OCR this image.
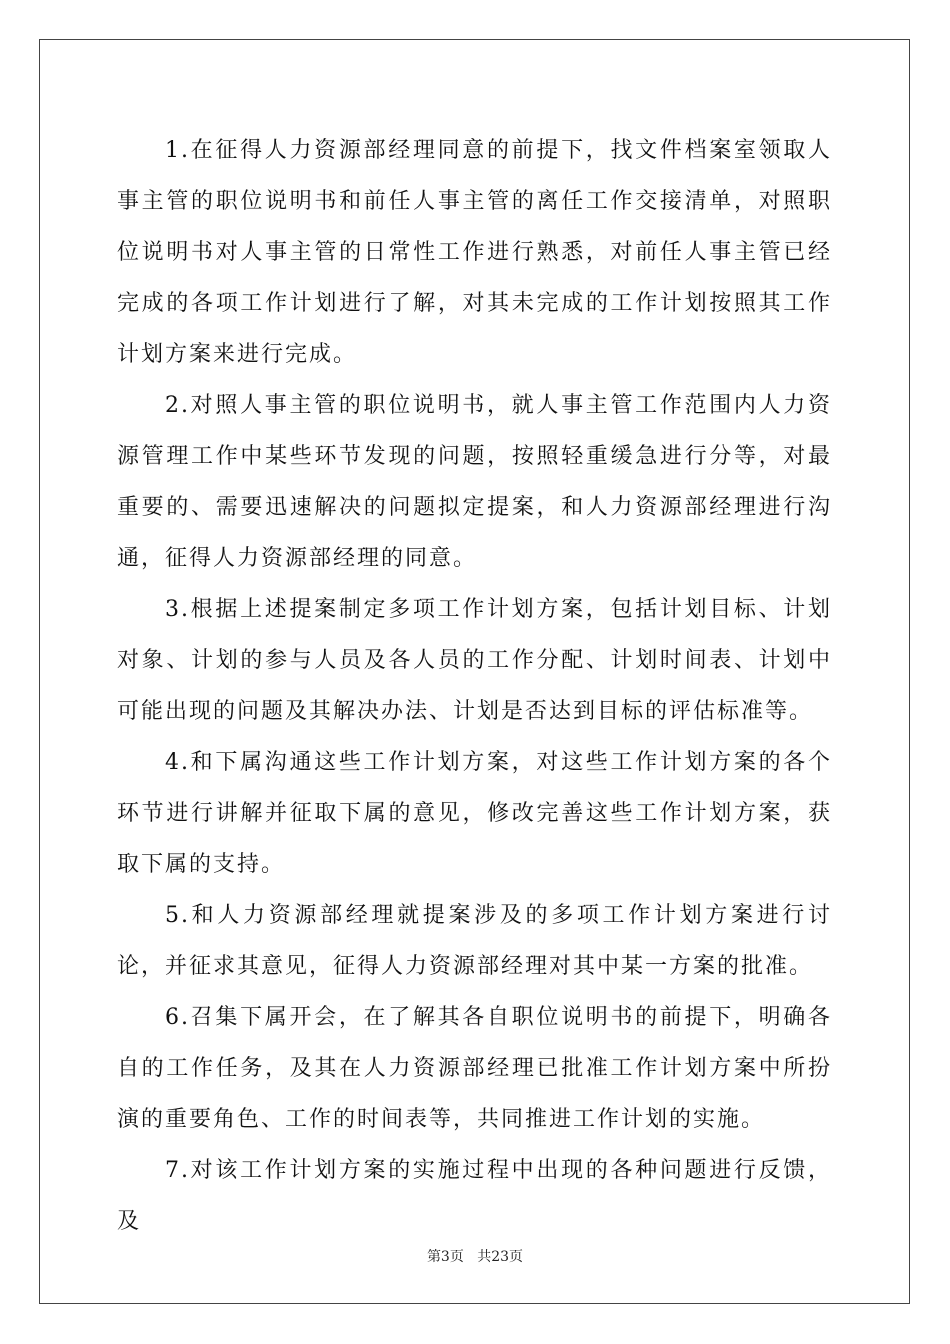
1.在征得人力资源部经理同意的前提下，找文件档案室领取人事主管的职位说明书和前任人事主管的离任工作交接清单，对照职位说明书对人事主管的日常性工作进行熟悉，对前任人事主管已经完成的各项工作计划进行了解，对其未完成的工作计划按照其工作计划方案来进行完成。

2.对照人事主管的职位说明书，就人事主管工作范围内人力资源管理工作中某些环节发现的问题，按照轻重缓急进行分等，对最重要的、需要迅速解决的问题拟定提案，和人力资源部经理进行沟通，征得人力资源部经理的同意。

3.根据上述提案制定多项工作计划方案，包括计划目标、计划对象、计划的参与人员及各人员的工作分配、计划时间表、计划中可能出现的问题及其解决办法、计划是否达到目标的评估标准等。

4.和下属沟通这些工作计划方案，对这些工作计划方案的各个环节进行讲解并征取下属的意见，修改完善这些工作计划方案，获取下属的支持。

5.和人力资源部经理就提案涉及的多项工作计划方案进行讨论，并征求其意见，征得人力资源部经理对其中某一方案的批准。

6.召集下属开会，在了解其各自职位说明书的前提下，明确各自的工作任务，及其在人力资源部经理已批准工作计划方案中所扮演的重要角色、工作的时间表等，共同推进工作计划的实施。

7.对该工作计划方案的实施过程中出现的各种问题进行反馈，及

第3页 共23页
